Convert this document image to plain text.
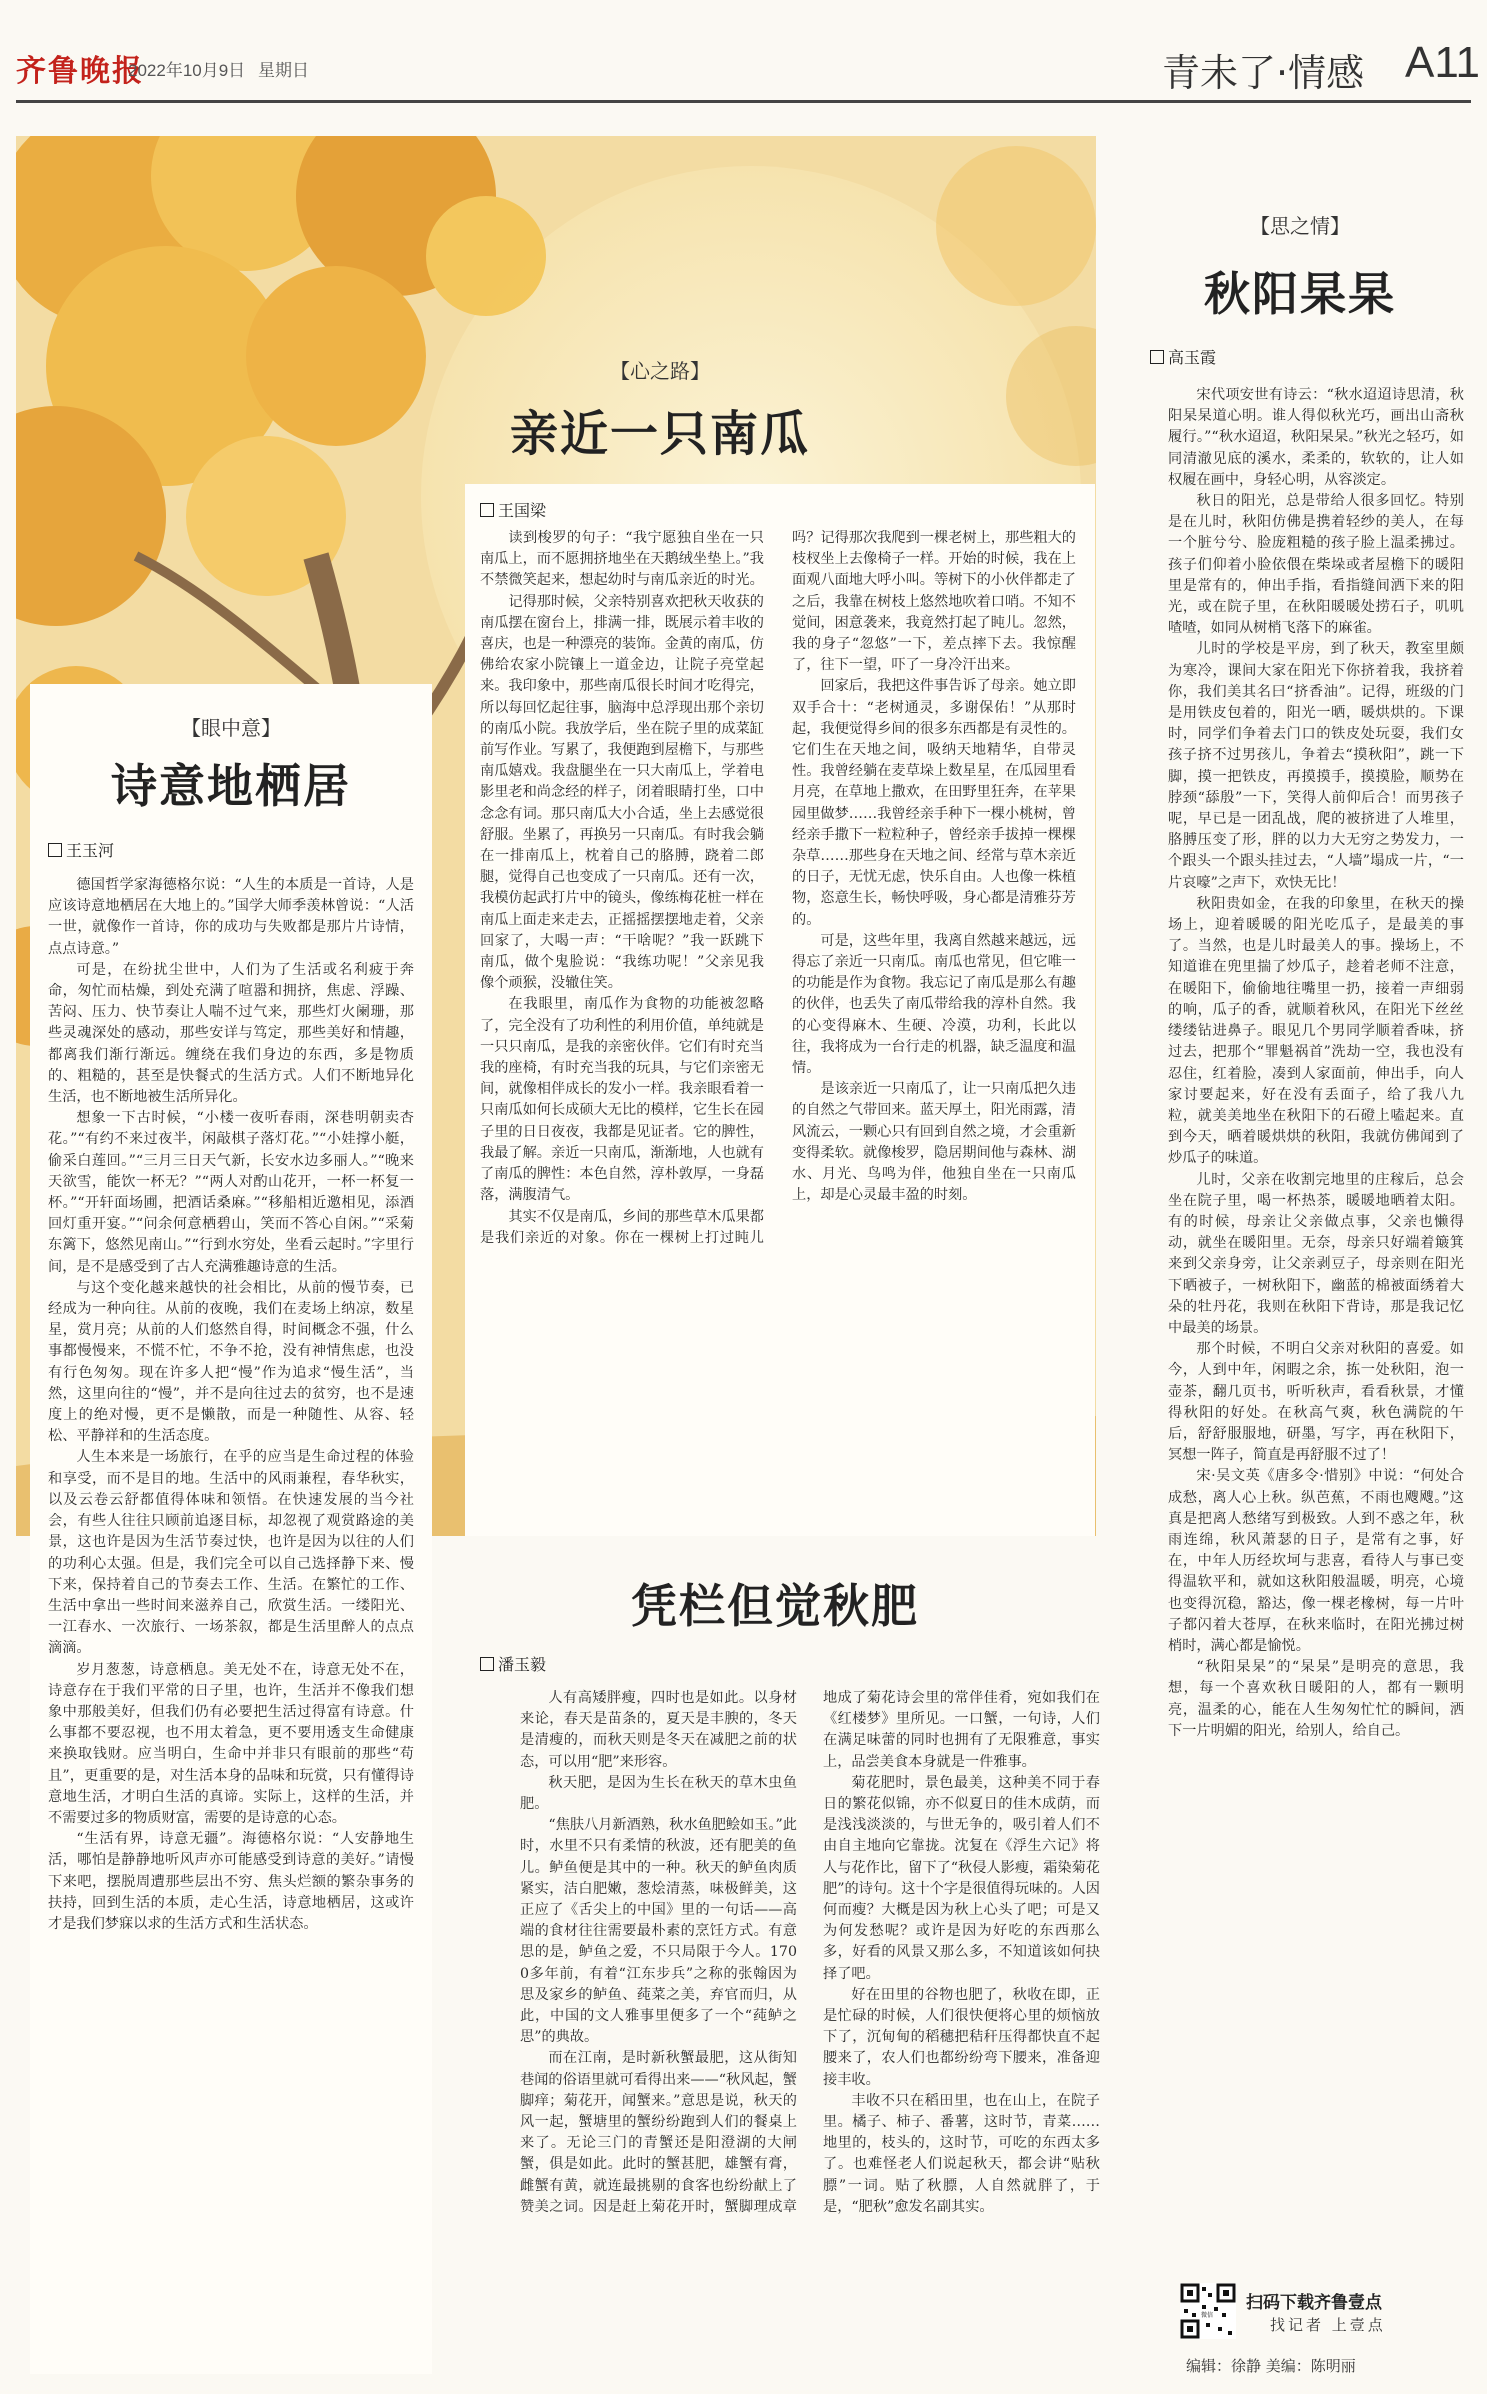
齐鲁晚报
2022年10月9日 星期日	青未了·情感 A11
【心之路】
亲近一只南瓜
王国梁

读到梭罗的句子：“我宁愿独自坐在一只南瓜上，而不愿拥挤地坐在天鹅绒坐垫上。”我不禁微笑起来，想起幼时与南瓜亲近的时光。

记得那时候，父亲特别喜欢把秋天收获的南瓜摆在窗台上，排满一排，既展示着丰收的喜庆，也是一种漂亮的装饰。金黄的南瓜，仿佛给农家小院镶上一道金边，让院子亮堂起来。我印象中，那些南瓜很长时间才吃得完，所以每回忆起往事，脑海中总浮现出那个亲切的南瓜小院。我放学后，坐在院子里的成菜缸前写作业。写累了，我便跑到屋檐下，与那些南瓜嬉戏。我盘腿坐在一只大南瓜上，学着电影里老和尚念经的样子，闭着眼睛打坐，口中念念有词。那只南瓜大小合适，坐上去感觉很舒服。坐累了，再换另一只南瓜。有时我会躺在一排南瓜上，枕着自己的胳膊，跷着二郎腿，觉得自己也变成了一只南瓜。还有一次，我模仿起武打片中的镜头，像练梅花桩一样在南瓜上面走来走去，正摇摇摆摆地走着，父亲回家了，大喝一声：“干啥呢？”我一跃跳下南瓜，做个鬼脸说：“我练功呢！”父亲见我像个顽猴，没辙住笑。

在我眼里，南瓜作为食物的功能被忽略了，完全没有了功利性的利用价值，单纯就是一只只南瓜，是我的亲密伙伴。它们有时充当我的座椅，有时充当我的玩具，与它们亲密无间，就像相伴成长的发小一样。我亲眼看着一只南瓜如何长成硕大无比的模样，它生长在园子里的日日夜夜，我都是见证者。它的脾性，我最了解。亲近一只南瓜，渐渐地，人也就有了南瓜的脾性：本色自然，淳朴敦厚，一身磊落，满腹清气。

其实不仅是南瓜，乡间的那些草木瓜果都是我们亲近的对象。你在一棵树上打过盹儿吗？记得那次我爬到一棵老树上，那些粗大的枝杈坐上去像椅子一样。开始的时候，我在上面观八面地大呼小叫。等树下的小伙伴都走了之后，我靠在树枝上悠然地吹着口哨。不知不觉间，困意袭来，我竟然打起了盹儿。忽然，我的身子“忽悠”一下，差点摔下去。我惊醒了，往下一望，吓了一身冷汗出来。

回家后，我把这件事告诉了母亲。她立即双手合十：“老树通灵，多谢保佑！”从那时起，我便觉得乡间的很多东西都是有灵性的。它们生在天地之间，吸纳天地精华，自带灵性。我曾经躺在麦草垛上数星星，在瓜园里看月亮，在草地上撒欢，在田野里狂奔，在苹果园里做梦……我曾经亲手种下一棵小桃树，曾经亲手撒下一粒粒种子，曾经亲手拔掉一棵棵杂草……那些身在天地之间、经常与草木亲近的日子，无忧无虑，快乐自由。人也像一株植物，恣意生长，畅快呼吸，身心都是清雅芬芳的。

可是，这些年里，我离自然越来越远，远得忘了亲近一只南瓜。南瓜也常见，但它唯一的功能是作为食物。我忘记了南瓜是那么有趣的伙伴，也丢失了南瓜带给我的淳朴自然。我的心变得麻木、生硬、冷漠，功利，长此以往，我将成为一台行走的机器，缺乏温度和温情。

是该亲近一只南瓜了，让一只南瓜把久违的自然之气带回来。蓝天厚土，阳光雨露，清风流云，一颗心只有回到自然之境，才会重新变得柔软。就像梭罗，隐居期间他与森林、湖水、月光、鸟鸣为伴，他独自坐在一只南瓜上，却是心灵最丰盈的时刻。

【眼中意】
诗意地栖居
王玉河

德国哲学家海德格尔说：“人生的本质是一首诗，人是应该诗意地栖居在大地上的。”国学大师季羡林曾说：“人活一世，就像作一首诗，你的成功与失败都是那片片诗情，点点诗意。”

可是，在纷扰尘世中，人们为了生活或名利疲于奔命，匆忙而枯燥，到处充满了喧嚣和拥挤，焦虑、浮躁、苦闷、压力、快节奏让人喘不过气来，那些灯火阑珊，那些灵魂深处的感动，那些安详与笃定，那些美好和情趣，都离我们渐行渐远。缠绕在我们身边的东西，多是物质的、粗糙的，甚至是快餐式的生活方式。人们不断地异化生活，也不断地被生活所异化。

想象一下古时候，“小楼一夜听春雨，深巷明朝卖杏花。”“有约不来过夜半，闲敲棋子落灯花。”“小娃撑小艇，偷采白莲回。”“三月三日天气新，长安水边多丽人。”“晚来天欲雪，能饮一杯无？”“两人对酌山花开，一杯一杯复一杯。”“开轩面场圃，把酒话桑麻。”“移船相近邀相见，添酒回灯重开宴。”“问余何意栖碧山，笑而不答心自闲。”“采菊东篱下，悠然见南山。”“行到水穷处，坐看云起时。”字里行间，是不是感受到了古人充满雅趣诗意的生活。

与这个变化越来越快的社会相比，从前的慢节奏，已经成为一种向往。从前的夜晚，我们在麦场上纳凉，数星星，赏月亮；从前的人们悠然自得，时间概念不强，什么事都慢慢来，不慌不忙，不争不抢，没有神情焦虑，也没有行色匆匆。现在许多人把“慢”作为追求“慢生活”，当然，这里向往的“慢”，并不是向往过去的贫穷，也不是速度上的绝对慢，更不是懒散，而是一种随性、从容、轻松、平静祥和的生活态度。

人生本来是一场旅行，在乎的应当是生命过程的体验和享受，而不是目的地。生活中的风雨兼程，春华秋实，以及云卷云舒都值得体味和领悟。在快速发展的当今社会，有些人往往只顾前追逐目标，却忽视了观赏路途的美景，这也许是因为生活节奏过快，也许是因为以往的人们的功利心太强。但是，我们完全可以自己选择静下来、慢下来，保持着自己的节奏去工作、生活。在繁忙的工作、生活中拿出一些时间来滋养自己，欣赏生活。一缕阳光、一江春水、一次旅行、一场茶叙，都是生活里醉人的点点滴滴。

岁月葱葱，诗意栖息。美无处不在，诗意无处不在，诗意存在于我们平常的日子里，也许，生活并不像我们想象中那般美好，但我们仍有必要把生活过得富有诗意。什么事都不要忍视，也不用太着急，更不要用透支生命健康来换取钱财。应当明白，生命中并非只有眼前的那些“苟且”，更重要的是，对生活本身的品味和玩赏，只有懂得诗意地生活，才明白生活的真谛。实际上，这样的生活，并不需要过多的物质财富，需要的是诗意的心态。

“生活有界，诗意无疆”。海德格尔说：“人安静地生活，哪怕是静静地听风声亦可能感受到诗意的美好。”请慢下来吧，摆脱周遭那些层出不穷、焦头烂额的繁杂事务的扶持，回到生活的本质，走心生活，诗意地栖居，这或许才是我们梦寐以求的生活方式和生活状态。

【思之情】
秋阳杲杲
高玉霞

宋代项安世有诗云：“秋水迢迢诗思清，秋阳杲杲道心明。谁人得似秋光巧，画出山斋秋履行。”“秋水迢迢，秋阳杲杲。”秋光之轻巧，如同清澈见底的溪水，柔柔的，软软的，让人如权履在画中，身轻心明，从容淡定。

秋日的阳光，总是带给人很多回忆。特别是在儿时，秋阳仿佛是携着轻纱的美人，在每一个脏兮兮、脸庞粗糙的孩子脸上温柔拂过。孩子们仰着小脸依偎在柴垛或者屋檐下的暖阳里是常有的，伸出手指，看指缝间洒下来的阳光，或在院子里，在秋阳暖暖处捞石子，叽叽喳喳，如同从树梢飞落下的麻雀。

儿时的学校是平房，到了秋天，教室里颇为寒冷，课间大家在阳光下你挤着我，我挤着你，我们美其名曰“挤香油”。记得，班级的门是用铁皮包着的，阳光一晒，暖烘烘的。下课时，同学们争着去门口的铁皮处玩耍，我们女孩子挤不过男孩儿，争着去“摸秋阳”，跳一下脚，摸一把铁皮，再摸摸手，摸摸脸，顺势在脖颈“舔殷”一下，笑得人前仰后合！而男孩子呢，早已是一团乱战，爬的被挤进了人堆里，胳膊压变了形，胖的以力大无穷之势发力，一个跟头一个跟头挂过去，“人墙”塌成一片，“一片哀嚎”之声下，欢快无比！

秋阳贵如金，在我的印象里，在秋天的操场上，迎着暖暖的阳光吃瓜子，是最美的事了。当然，也是儿时最美人的事。操场上，不知道谁在兜里揣了炒瓜子，趁着老师不注意，在暖阳下，偷偷地往嘴里一扔，接着一声细弱的响，瓜子的香，就顺着秋风，在阳光下丝丝缕缕钻进鼻子。眼见几个男同学顺着香味，挤过去，把那个“罪魁祸首”洗劫一空，我也没有忍住，红着脸，凑到人家面前，伸出手，向人家讨要起来，好在没有丢面子，给了我八九粒，就美美地坐在秋阳下的石磴上嗑起来。直到今天，晒着暖烘烘的秋阳，我就仿佛闻到了炒瓜子的味道。

儿时，父亲在收割完地里的庄稼后，总会坐在院子里，喝一杯热茶，暖暖地晒着太阳。有的时候，母亲让父亲做点事，父亲也懒得动，就坐在暖阳里。无奈，母亲只好端着簸箕来到父亲身旁，让父亲剥豆子，母亲则在阳光下晒被子，一树秋阳下，幽蓝的棉被面绣着大朵的牡丹花，我则在秋阳下背诗，那是我记忆中最美的场景。

那个时候，不明白父亲对秋阳的喜爱。如今，人到中年，闲暇之余，拣一处秋阳，泡一壶茶，翻几页书，听听秋声，看看秋景，才懂得秋阳的好处。在秋高气爽，秋色满院的午后，舒舒服服地，研墨，写字，再在秋阳下，冥想一阵子，简直是再舒服不过了！

宋·吴文英《唐多令·惜别》中说：“何处合成愁，离人心上秋。纵芭蕉，不雨也飕飕。”这真是把离人愁绪写到极致。人到不惑之年，秋雨连绵，秋风萧瑟的日子，是常有之事，好在，中年人历经坎坷与悲喜，看待人与事已变得温软平和，就如这秋阳般温暖，明亮，心境也变得沉稳，豁达，像一棵老橡树，每一片叶子都闪着大苍厚，在秋来临时，在阳光拂过树梢时，满心都是愉悦。

“秋阳杲杲”的“杲杲”是明亮的意思，我想，每一个喜欢秋日暖阳的人，都有一颗明亮，温柔的心，能在人生匆匆忙忙的瞬间，洒下一片明媚的阳光，给别人，给自己。

凭栏但觉秋肥
潘玉毅

人有高矮胖瘦，四时也是如此。以身材来论，春天是苗条的，夏天是丰腴的，冬天是清瘦的，而秋天则是冬天在减肥之前的状态，可以用“肥”来形容。

秋天肥，是因为生长在秋天的草木虫鱼肥。

“焦肤八月新酒熟，秋水鱼肥鲙如玉。”此时，水里不只有柔情的秋波，还有肥美的鱼儿。鲈鱼便是其中的一种。秋天的鲈鱼肉质紧实，洁白肥嫩，葱烩清蒸，味极鲜美，这正应了《舌尖上的中国》里的一句话——高端的食材往往需要最朴素的烹饪方式。有意思的是，鲈鱼之爱，不只局限于今人。1700多年前，有着“江东步兵”之称的张翰因为思及家乡的鲈鱼、莼菜之美，弃官而归，从此，中国的文人雅事里便多了一个“莼鲈之思”的典故。

而在江南，是时新秋蟹最肥，这从街知巷闻的俗语里就可看得出来——“秋风起，蟹脚痒；菊花开，闻蟹来。”意思是说，秋天的风一起，蟹塘里的蟹纷纷跑到人们的餐桌上来了。无论三门的青蟹还是阳澄湖的大闸蟹，俱是如此。此时的蟹甚肥，雄蟹有膏，雌蟹有黄，就连最挑剔的食客也纷纷献上了赞美之词。因是赶上菊花开时，蟹脚理成章地成了菊花诗会里的常伴佳肴，宛如我们在《红楼梦》里所见。一口蟹，一句诗，人们在满足味蕾的同时也拥有了无限雅意，事实上，品尝美食本身就是一件雅事。

菊花肥时，景色最美，这种美不同于春日的繁花似锦，亦不似夏日的佳木成荫，而是浅浅淡淡的，与世无争的，吸引着人们不由自主地向它靠拢。沈复在《浮生六记》将人与花作比，留下了“秋侵人影瘦，霜染菊花肥”的诗句。这十个字是很值得玩味的。人因何而瘦？大概是因为秋上心头了吧；可是又为何发愁呢？或许是因为好吃的东西那么多，好看的风景又那么多，不知道该如何抉择了吧。

好在田里的谷物也肥了，秋收在即，正是忙碌的时候，人们很快便将心里的烦恼放下了，沉甸甸的稻穗把秸秆压得都快直不起腰来了，农人们也都纷纷弯下腰来，准备迎接丰收。

丰收不只在稻田里，也在山上，在院子里。橘子、柿子、番薯，这时节，青菜……地里的，枝头的，这时节，可吃的东西太多了。也难怪老人们说起秋天，都会讲“贴秋膘”一词。贴了秋膘，人自然就胖了，于是，“肥秋”愈发名副其实。

微信
扫码下载齐鲁壹点
找记者 上壹点
编辑：徐静 美编：陈明丽
